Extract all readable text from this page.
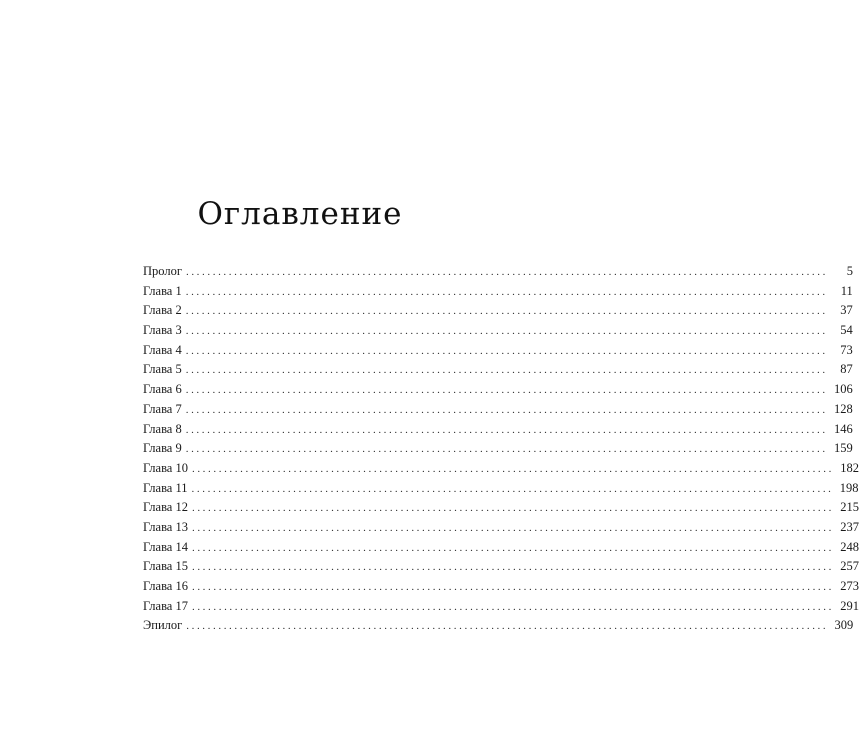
Оглавление
Пролог ........................................................................................................................	5
Глава 1 ........................................................................................................................	11
Глава 2 ........................................................................................................................	37
Глава 3 ........................................................................................................................	54
Глава 4 ........................................................................................................................	73
Глава 5 ........................................................................................................................	87
Глава 6 ........................................................................................................................ 106
Глава 7 ........................................................................................................................ 128
Глава 8 ........................................................................................................................ 146
Глава 9 ........................................................................................................................ 159
Глава 10 ........................................................................................................................ 182
Глава 11 ........................................................................................................................ 198
Глава 12 ........................................................................................................................ 215
Глава 13 ........................................................................................................................ 237
Глава 14 ........................................................................................................................ 248
Глава 15 ........................................................................................................................ 257
Глава 16 ........................................................................................................................ 273
Глава 17 ........................................................................................................................ 291
Эпилог ........................................................................................................................ 309
